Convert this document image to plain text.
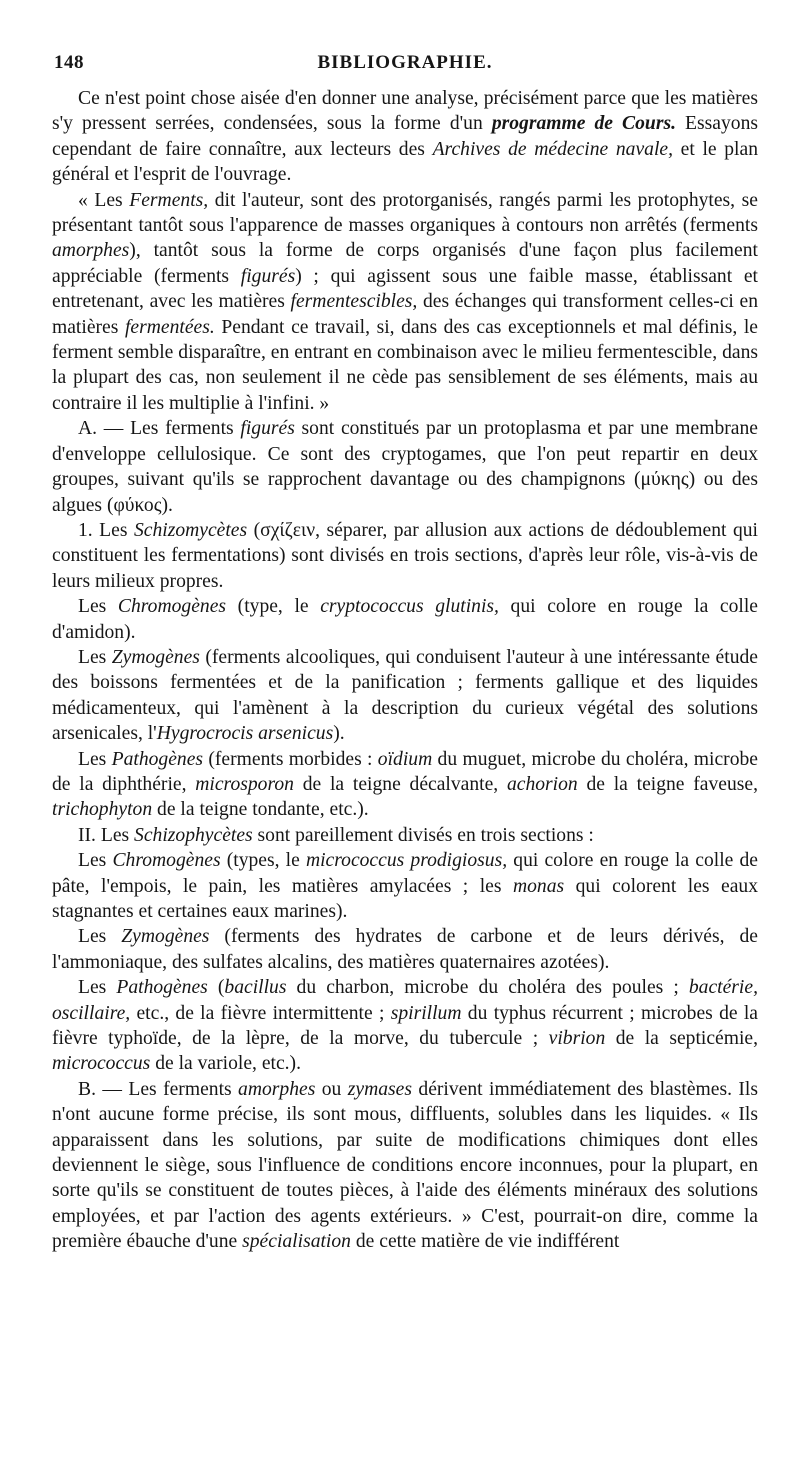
148	BIBLIOGRAPHIE.

Ce n'est point chose aisée d'en donner une analyse, précisément parce que les matières s'y pressent serrées, condensées, sous la forme d'un programme de Cours. Essayons cependant de faire connaître, aux lecteurs des Archives de médecine navale, et le plan général et l'esprit de l'ouvrage.

« Les Ferments, dit l'auteur, sont des protorganisés, rangés parmi les protophytes, se présentant tantôt sous l'apparence de masses organiques à contours non arrêtés (ferments amorphes), tantôt sous la forme de corps organisés d'une façon plus facilement appréciable (ferments figurés) ; qui agissent sous une faible masse, établissant et entretenant, avec les matières fermentescibles, des échanges qui transforment celles-ci en matières fermentées. Pendant ce travail, si, dans des cas exceptionnels et mal définis, le ferment semble disparaître, en entrant en combinaison avec le milieu fermentescible, dans la plupart des cas, non seulement il ne cède pas sensiblement de ses éléments, mais au contraire il les multiplie à l'infini. »

A. — Les ferments figurés sont constitués par un protoplasma et par une membrane d'enveloppe cellulosique. Ce sont des cryptogames, que l'on peut repartir en deux groupes, suivant qu'ils se rapprochent davantage ou des champignons (μύκης) ou des algues (φύκος).

1. Les Schizomycètes (σχίζειν, séparer, par allusion aux actions de dédoublement qui constituent les fermentations) sont divisés en trois sections, d'après leur rôle, vis-à-vis de leurs milieux propres.

Les Chromogènes (type, le cryptococcus glutinis, qui colore en rouge la colle d'amidon).

Les Zymogènes (ferments alcooliques, qui conduisent l'auteur à une intéressante étude des boissons fermentées et de la panification ; ferments gallique et des liquides médicamenteux, qui l'amènent à la description du curieux végétal des solutions arsenicales, l'Hygrocrocis arsenicus).

Les Pathogènes (ferments morbides : oïdium du muguet, microbe du choléra, microbe de la diphthérie, microsporon de la teigne décalvante, achorion de la teigne faveuse, trichophyton de la teigne tondante, etc.).

II. Les Schizophycètes sont pareillement divisés en trois sections :

Les Chromogènes (types, le micrococcus prodigiosus, qui colore en rouge la colle de pâte, l'empois, le pain, les matières amylacées ; les monas qui colorent les eaux stagnantes et certaines eaux marines).

Les Zymogènes (ferments des hydrates de carbone et de leurs dérivés, de l'ammoniaque, des sulfates alcalins, des matières quaternaires azotées).

Les Pathogènes (bacillus du charbon, microbe du choléra des poules ; bactérie, oscillaire, etc., de la fièvre intermittente ; spirillum du typhus récurrent ; microbes de la fièvre typhoïde, de la lèpre, de la morve, du tubercule ; vibrion de la septicémie, micrococcus de la variole, etc.).

B. — Les ferments amorphes ou zymases dérivent immédiatement des blastèmes. Ils n'ont aucune forme précise, ils sont mous, diffluents, solubles dans les liquides. « Ils apparaissent dans les solutions, par suite de modifications chimiques dont elles deviennent le siège, sous l'influence de conditions encore inconnues, pour la plupart, en sorte qu'ils se constituent de toutes pièces, à l'aide des éléments minéraux des solutions employées, et par l'action des agents extérieurs. » C'est, pourrait-on dire, comme la première ébauche d'une spécialisation de cette matière de vie indifférent
